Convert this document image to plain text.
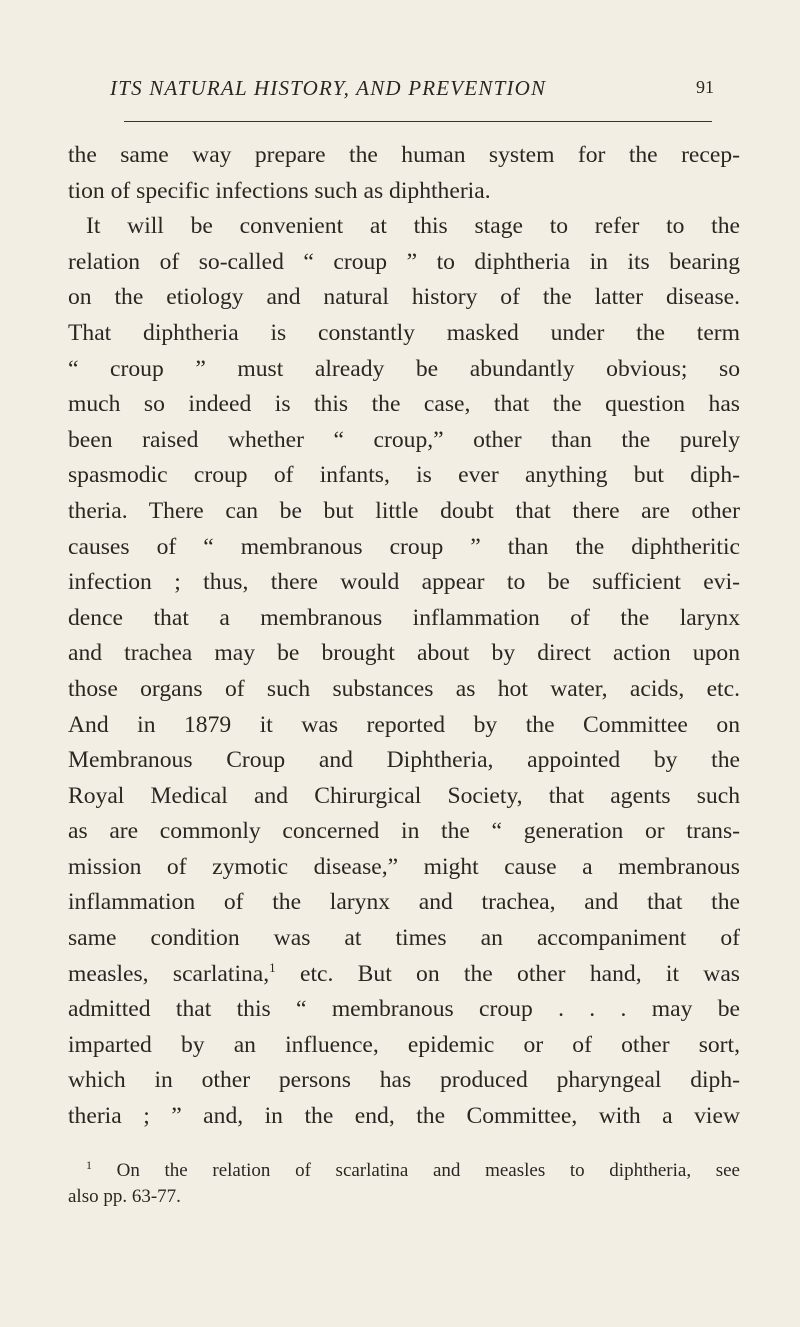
ITS NATURAL HISTORY, AND PREVENTION	91
the same way prepare the human system for the recep-
tion of specific infections such as diphtheria.
It will be convenient at this stage to refer to the
relation of so-called “ croup ” to diphtheria in its bearing
on the etiology and natural history of the latter disease.
That diphtheria is constantly masked under the term
“ croup ” must already be abundantly obvious; so
much so indeed is this the case, that the question has
been raised whether “ croup,” other than the purely
spasmodic croup of infants, is ever anything but diph-
theria. There can be but little doubt that there are other
causes of “ membranous croup ” than the diphtheritic
infection ; thus, there would appear to be sufficient evi-
dence that a membranous inflammation of the larynx
and trachea may be brought about by direct action upon
those organs of such substances as hot water, acids, etc.
And in 1879 it was reported by the Committee on
Membranous Croup and Diphtheria, appointed by the
Royal Medical and Chirurgical Society, that agents such
as are commonly concerned in the “ generation or trans-
mission of zymotic disease,” might cause a membranous
inflammation of the larynx and trachea, and that the
same condition was at times an accompaniment of
measles, scarlatina,$^1$ etc. But on the other hand, it was
admitted that this “ membranous croup . . . may be
imparted by an influence, epidemic or of other sort,
which in other persons has produced pharyngeal diph-
theria ; ” and, in the end, the Committee, with a view
$^1$ On the relation of scarlatina and measles to diphtheria, see
also pp. 63-77.
